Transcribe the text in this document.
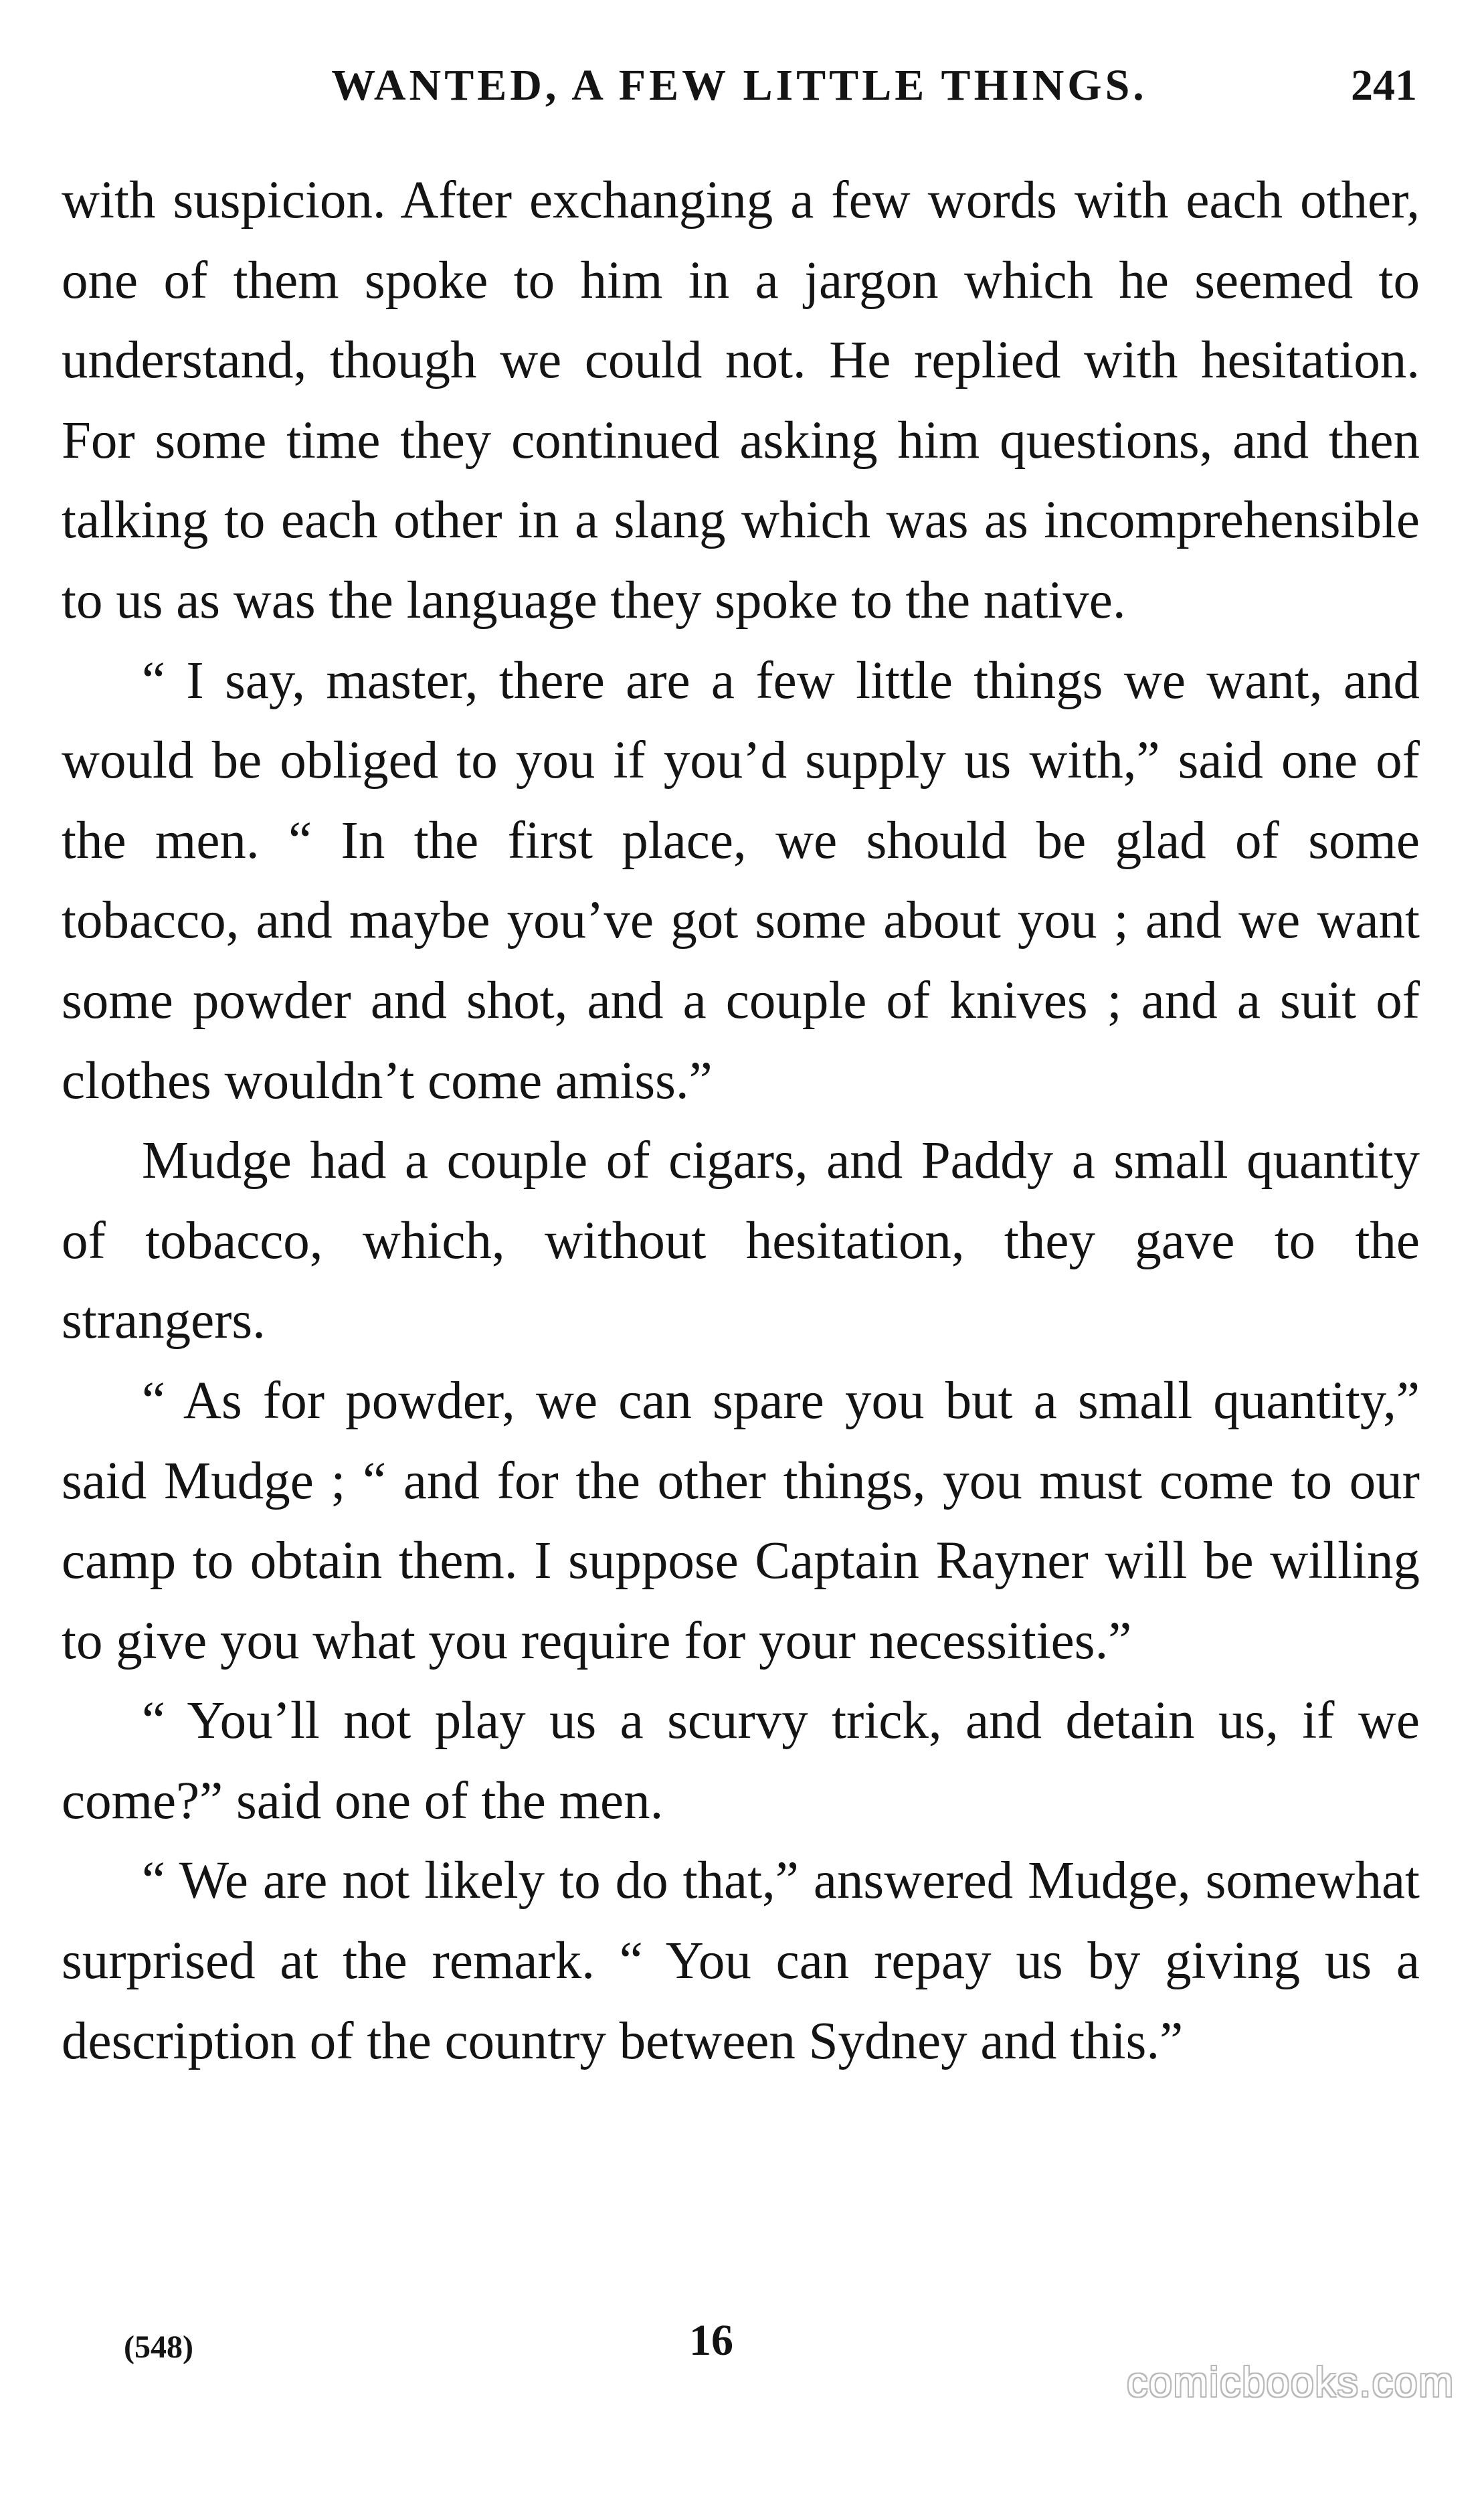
WANTED, A FEW LITTLE THINGS.	241

with suspicion. After exchanging a few words with each other, one of them spoke to him in a jargon which he seemed to understand, though we could not. He replied with hesitation. For some time they continued asking him questions, and then talking to each other in a slang which was as incomprehensible to us as was the language they spoke to the native.

“ I say, master, there are a few little things we want, and would be obliged to you if you’d supply us with,” said one of the men. “ In the first place, we should be glad of some tobacco, and maybe you’ve got some about you ; and we want some powder and shot, and a couple of knives ; and a suit of clothes wouldn’t come amiss.”

Mudge had a couple of cigars, and Paddy a small quantity of tobacco, which, without hesitation, they gave to the strangers.

“ As for powder, we can spare you but a small quantity,” said Mudge ; “ and for the other things, you must come to our camp to obtain them. I suppose Captain Rayner will be willing to give you what you require for your necessities.”

“ You’ll not play us a scurvy trick, and detain us, if we come?” said one of the men.

“ We are not likely to do that,” answered Mudge, somewhat surprised at the remark. “ You can repay us by giving us a description of the country between Sydney and this.”

(548)	16
comicbooks.com
